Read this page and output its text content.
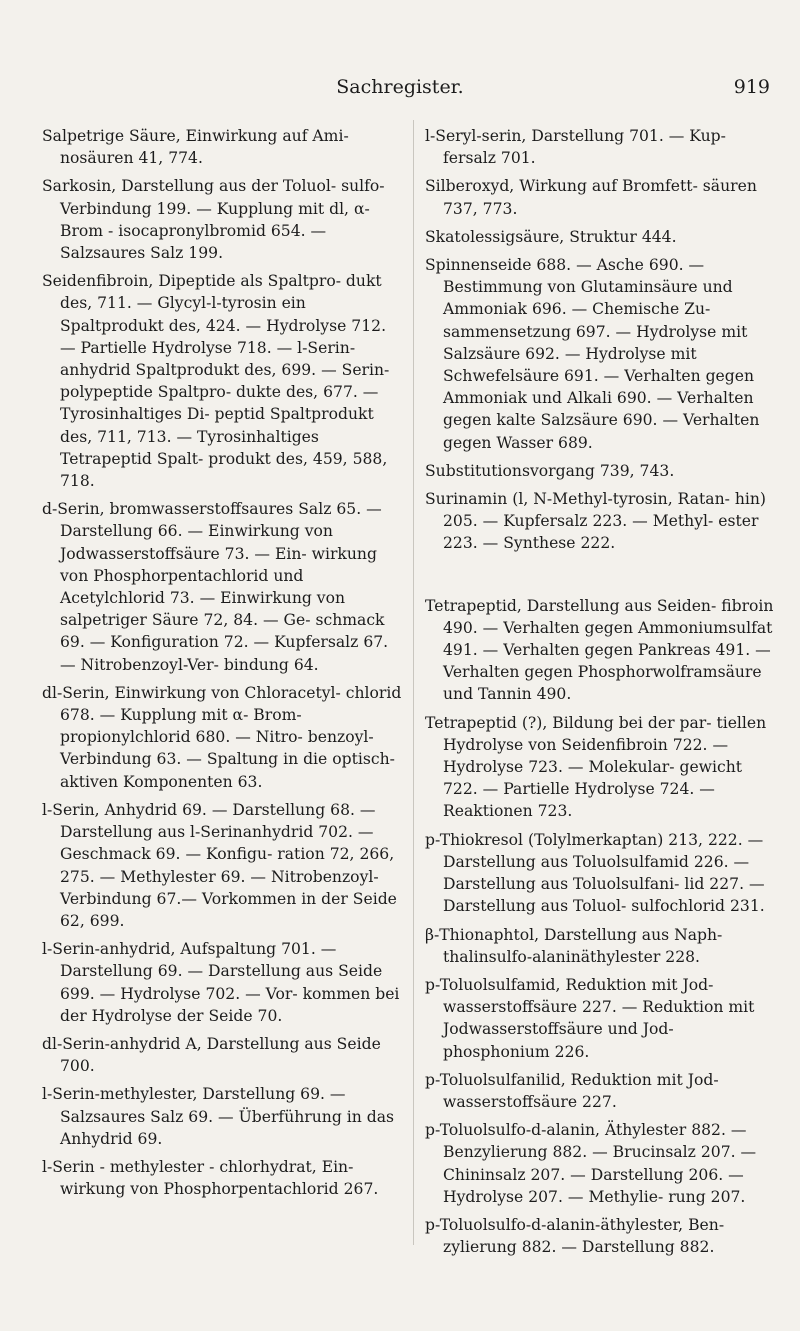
Sachregister.	919

Salpetrige Säure, Einwirkung auf Ami- nosäuren 41, 774.

Sarkosin, Darstellung aus der Toluol- sulfo-Verbindung 199. — Kupplung mit dl, α-Brom - isocapronylbromid 654. — Salzsaures Salz 199.

Seidenfibroin, Dipeptide als Spaltpro- dukt des, 711. — Glycyl-l-tyrosin ein Spaltprodukt des, 424. — Hydrolyse 712. — Partielle Hydrolyse 718. — l-Serin-anhydrid Spaltprodukt des, 699. — Serin-polypeptide Spaltpro- dukte des, 677. — Tyrosinhaltiges Di- peptid Spaltprodukt des, 711, 713. — Tyrosinhaltiges Tetrapeptid Spalt- produkt des, 459, 588, 718.

d-Serin, bromwasserstoffsaures Salz 65. — Darstellung 66. — Einwirkung von Jodwasserstoffsäure 73. — Ein- wirkung von Phosphorpentachlorid und Acetylchlorid 73. — Einwirkung von salpetriger Säure 72, 84. — Ge- schmack 69. — Konfiguration 72. — Kupfersalz 67. — Nitrobenzoyl-Ver- bindung 64.

dl-Serin, Einwirkung von Chloracetyl- chlorid 678. — Kupplung mit α- Brom-propionylchlorid 680. — Nitro- benzoyl-Verbindung 63. — Spaltung in die optisch-aktiven Komponenten 63.

l-Serin, Anhydrid 69. — Darstellung 68. — Darstellung aus l-Serinanhydrid 702. — Geschmack 69. — Konfigu- ration 72, 266, 275. — Methylester 69. — Nitrobenzoyl-Verbindung 67.— Vorkommen in der Seide 62, 699.

l-Serin-anhydrid, Aufspaltung 701. — Darstellung 69. — Darstellung aus Seide 699. — Hydrolyse 702. — Vor- kommen bei der Hydrolyse der Seide 70.

dl-Serin-anhydrid A, Darstellung aus Seide 700.

l-Serin-methylester, Darstellung 69. — Salzsaures Salz 69. — Überführung in das Anhydrid 69.

l-Serin - methylester - chlorhydrat, Ein- wirkung von Phosphorpentachlorid 267.

l-Seryl-serin, Darstellung 701. — Kup- fersalz 701.

Silberoxyd, Wirkung auf Bromfett- säuren 737, 773.

Skatolessigsäure, Struktur 444.

Spinnenseide 688. — Asche 690. — Bestimmung von Glutaminsäure und Ammoniak 696. — Chemische Zu- sammensetzung 697. — Hydrolyse mit Salzsäure 692. — Hydrolyse mit Schwefelsäure 691. — Verhalten gegen Ammoniak und Alkali 690. — Verhalten gegen kalte Salzsäure 690. — Verhalten gegen Wasser 689.

Substitutionsvorgang 739, 743.

Surinamin (l, N-Methyl-tyrosin, Ratan- hin) 205. — Kupfersalz 223. — Methyl- ester 223. — Synthese 222.

Tetrapeptid, Darstellung aus Seiden- fibroin 490. — Verhalten gegen Ammoniumsulfat 491. — Verhalten gegen Pankreas 491. — Verhalten gegen Phosphorwolframsäure und Tannin 490.

Tetrapeptid (?), Bildung bei der par- tiellen Hydrolyse von Seidenfibroin 722. — Hydrolyse 723. — Molekular- gewicht 722. — Partielle Hydrolyse 724. — Reaktionen 723.

p-Thiokresol (Tolylmerkaptan) 213, 222. — Darstellung aus Toluolsulfamid 226. — Darstellung aus Toluolsulfani- lid 227. — Darstellung aus Toluol- sulfochlorid 231.

β-Thionaphtol, Darstellung aus Naph- thalinsulfo-alaninäthylester 228.

p-Toluolsulfamid, Reduktion mit Jod- wasserstoffsäure 227. — Reduktion mit Jodwasserstoffsäure und Jod- phosphonium 226.

p-Toluolsulfanilid, Reduktion mit Jod- wasserstoffsäure 227.

p-Toluolsulfo-d-alanin, Äthylester 882. — Benzylierung 882. — Brucinsalz 207. — Chininsalz 207. — Darstellung 206. — Hydrolyse 207. — Methylie- rung 207.

p-Toluolsulfo-d-alanin-äthylester, Ben- zylierung 882. — Darstellung 882.
